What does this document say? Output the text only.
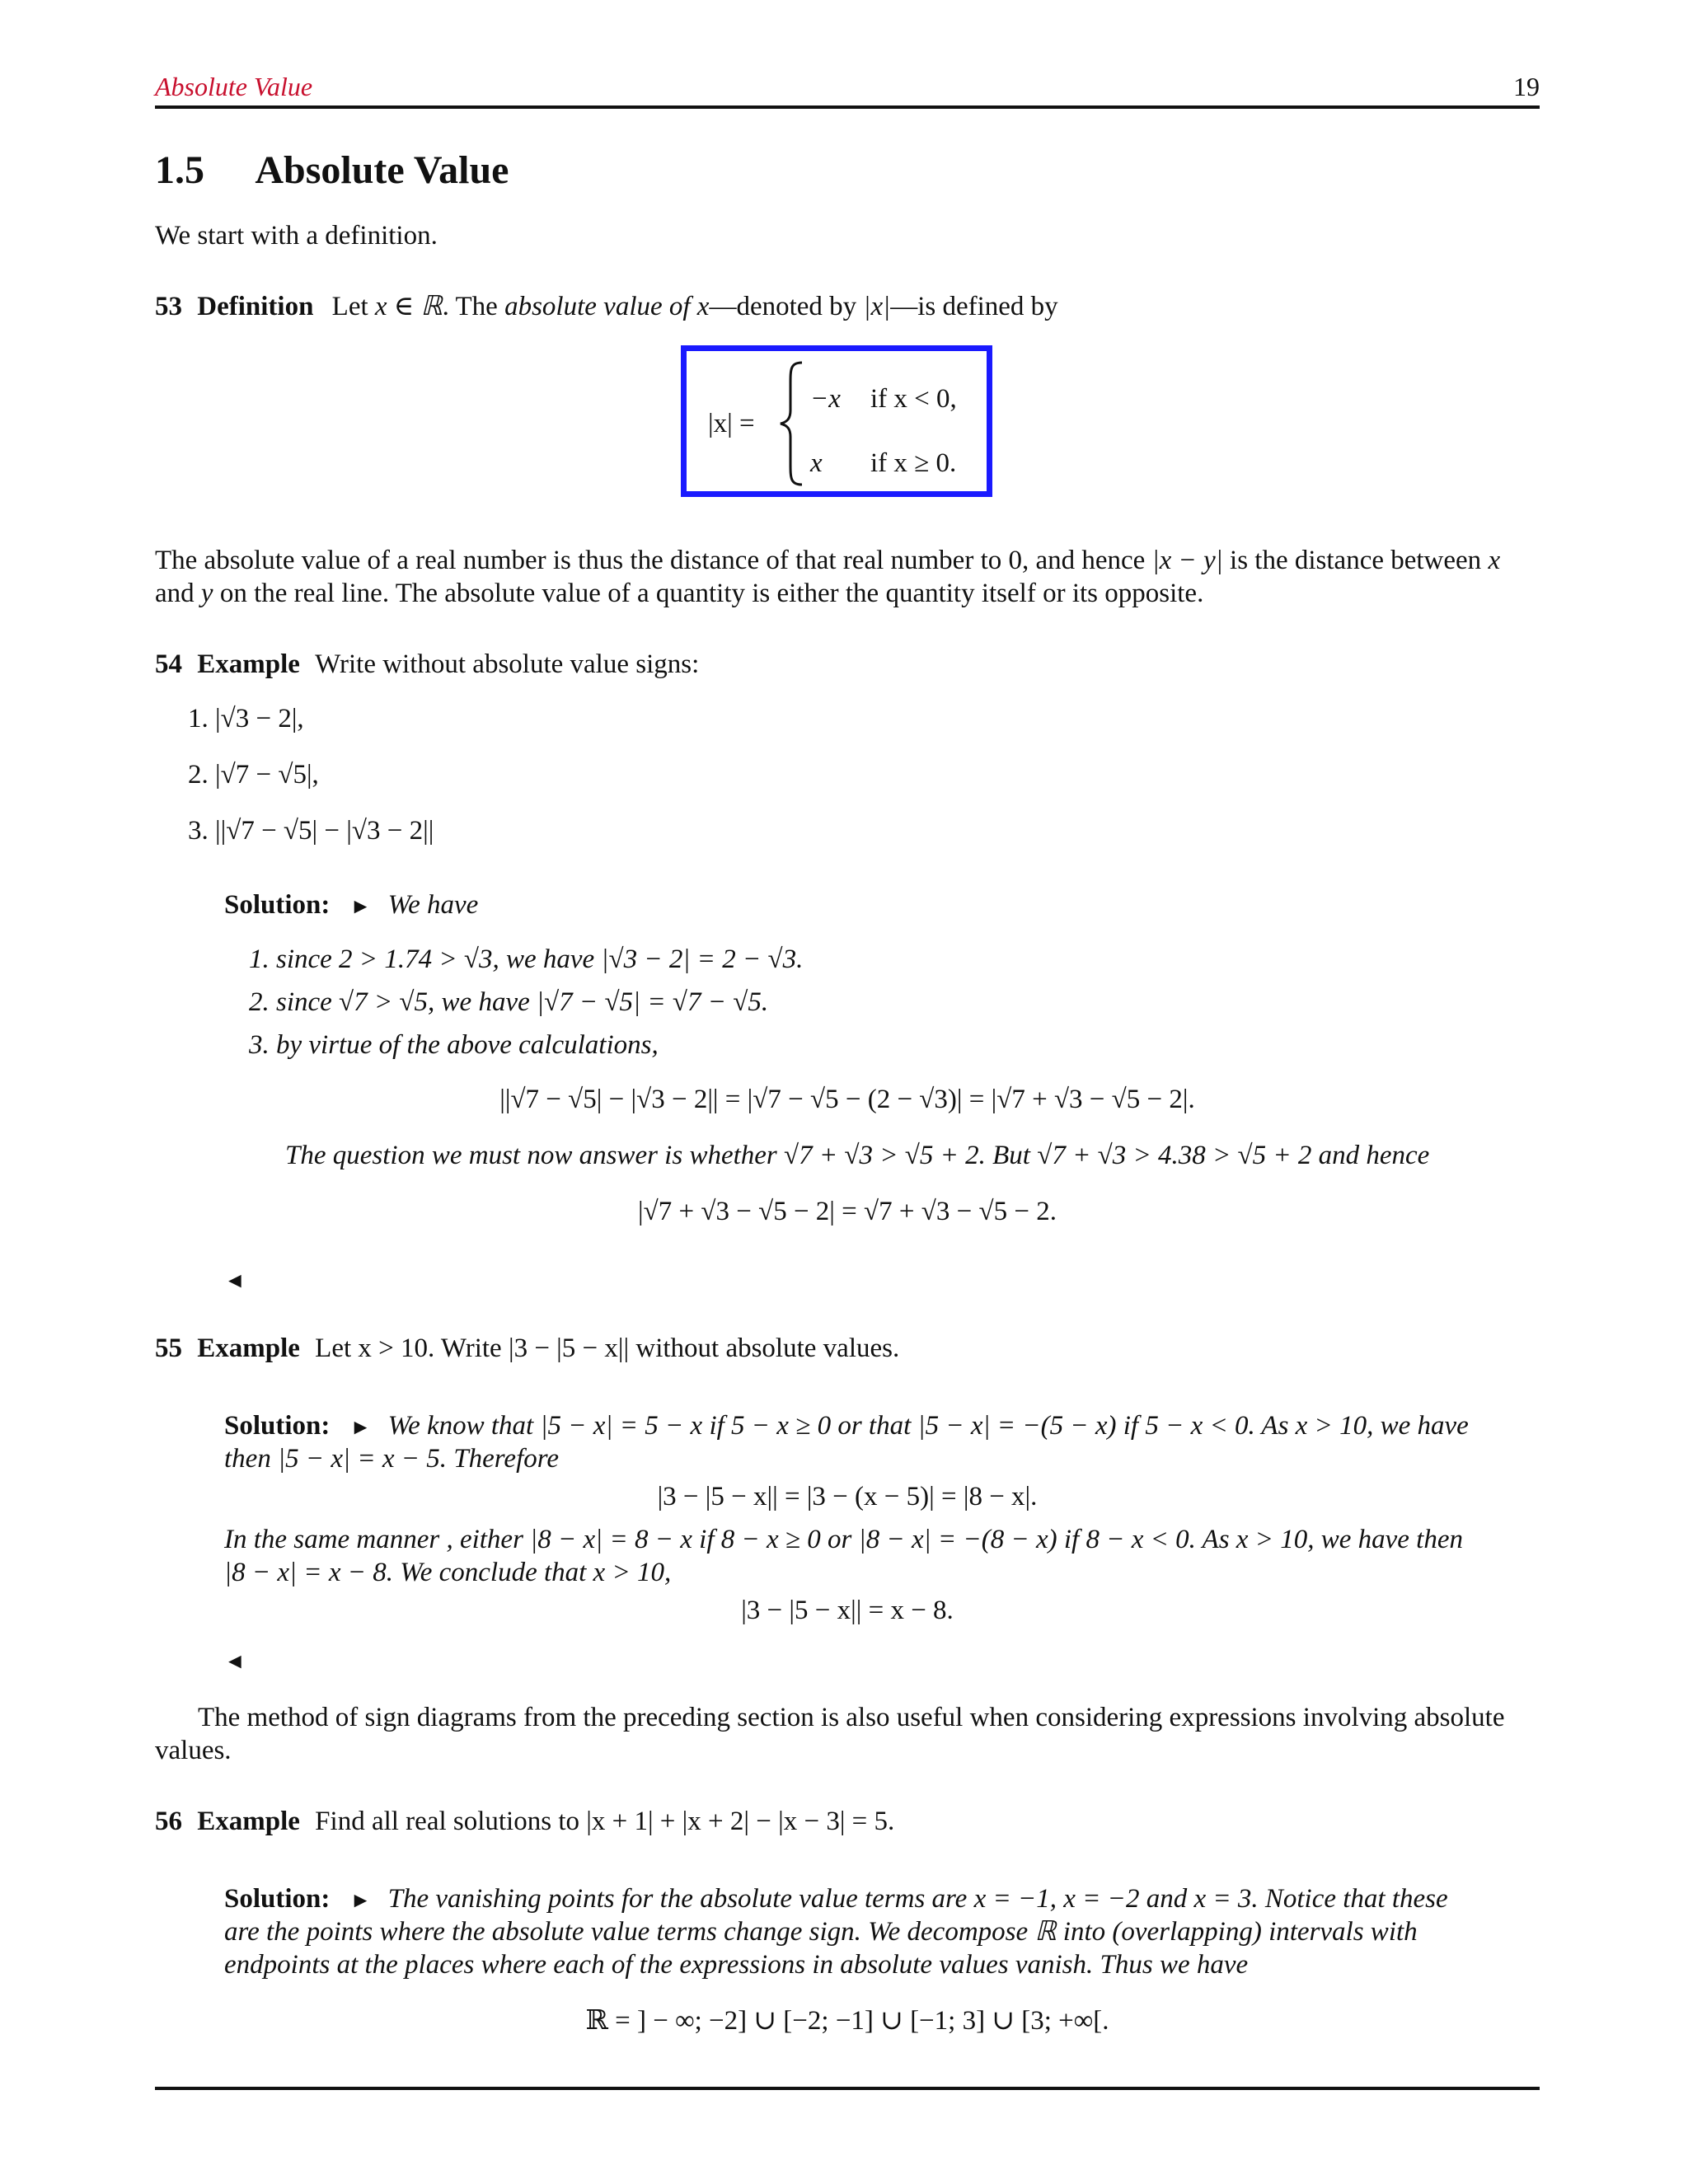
Absolute Value	19
1.5 Absolute Value
We start with a definition.
53 Definition Let x ∈ ℝ. The absolute value of x—denoted by |x|—is defined by
|x| =
−x if x < 0,
x if x ≥ 0.
The absolute value of a real number is thus the distance of that real number to 0, and hence |x − y| is the distance between x
and y on the real line. The absolute value of a quantity is either the quantity itself or its opposite.
54 Example Write without absolute value signs:
1. |√3 − 2|,
2. |√7 − √5|,
3. ||√7 − √5| − |√3 − 2||
Solution: ► We have
1. since 2 > 1.74 > √3, we have |√3 − 2| = 2 − √3.
2. since √7 > √5, we have |√7 − √5| = √7 − √5.
3. by virtue of the above calculations,
||√7 − √5| − |√3 − 2|| = |√7 − √5 − (2 − √3)| = |√7 + √3 − √5 − 2|.
The question we must now answer is whether √7 + √3 > √5 + 2. But √7 + √3 > 4.38 > √5 + 2 and hence
|√7 + √3 − √5 − 2| = √7 + √3 − √5 − 2.
◄
55 Example Let x > 10. Write |3 − |5 − x|| without absolute values.
Solution: ► We know that |5 − x| = 5 − x if 5 − x ≥ 0 or that |5 − x| = −(5 − x) if 5 − x < 0. As x > 10, we have
then |5 − x| = x − 5. Therefore
|3 − |5 − x|| = |3 − (x − 5)| = |8 − x|.
In the same manner , either |8 − x| = 8 − x if 8 − x ≥ 0 or |8 − x| = −(8 − x) if 8 − x < 0. As x > 10, we have then
|8 − x| = x − 8. We conclude that x > 10,
|3 − |5 − x|| = x − 8.
◄
The method of sign diagrams from the preceding section is also useful when considering expressions involving absolute
values.
56 Example Find all real solutions to |x + 1| + |x + 2| − |x − 3| = 5.
Solution: ► The vanishing points for the absolute value terms are x = −1, x = −2 and x = 3. Notice that these
are the points where the absolute value terms change sign. We decompose ℝ into (overlapping) intervals with
endpoints at the places where each of the expressions in absolute values vanish. Thus we have
ℝ = ] − ∞; −2] ∪ [−2; −1] ∪ [−1; 3] ∪ [3; +∞[.
